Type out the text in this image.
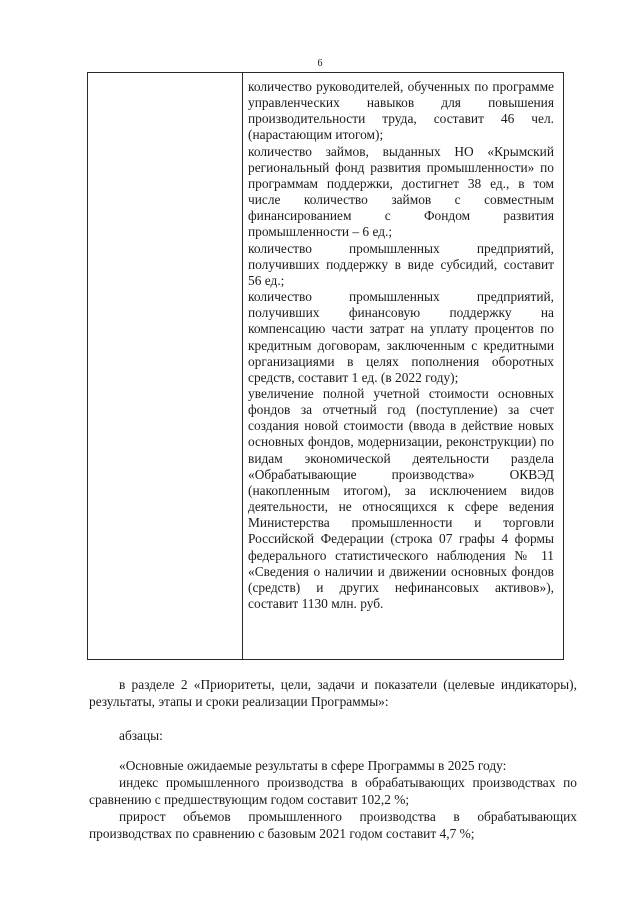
6

количество руководителей, обученных по программе управленческих навыков для повышения производительности труда, составит 46 чел. (нарастающим итогом);

количество займов, выданных НО «Крымский региональный фонд развития промышленности» по программам поддержки, достигнет 38 ед., в том числе количество займов с совместным финансированием с Фондом развития промышленности – 6 ед.;

количество промышленных предприятий, получивших поддержку в виде субсидий, составит 56 ед.;

количество промышленных предприятий, получивших финансовую поддержку на компенсацию части затрат на уплату процентов по кредитным договорам, заключенным с кредитными организациями в целях пополнения оборотных средств, составит 1 ед. (в 2022 году);

увеличение полной учетной стоимости основных фондов за отчетный год (поступление) за счет создания новой стоимости (ввода в действие новых основных фондов, модернизации, реконструкции) по видам экономической деятельности раздела «Обрабатывающие производства» ОКВЭД (накопленным итогом), за исключением видов деятельности, не относящихся к сфере ведения Министерства промышленности и торговли Российской Федерации (строка 07 графы 4 формы федерального статистического наблюдения № 11 «Сведения о наличии и движении основных фондов (средств) и других нефинансовых активов»), составит 1130 млн. руб.

в разделе 2 «Приоритеты, цели, задачи и показатели (целевые индикаторы), результаты, этапы и сроки реализации Программы»:

абзацы:

«Основные ожидаемые результаты в сфере Программы в 2025 году:

индекс промышленного производства в обрабатывающих производствах по сравнению с предшествующим годом составит 102,2 %;

прирост объемов промышленного производства в обрабатывающих производствах по сравнению с базовым 2021 годом составит 4,7 %;
